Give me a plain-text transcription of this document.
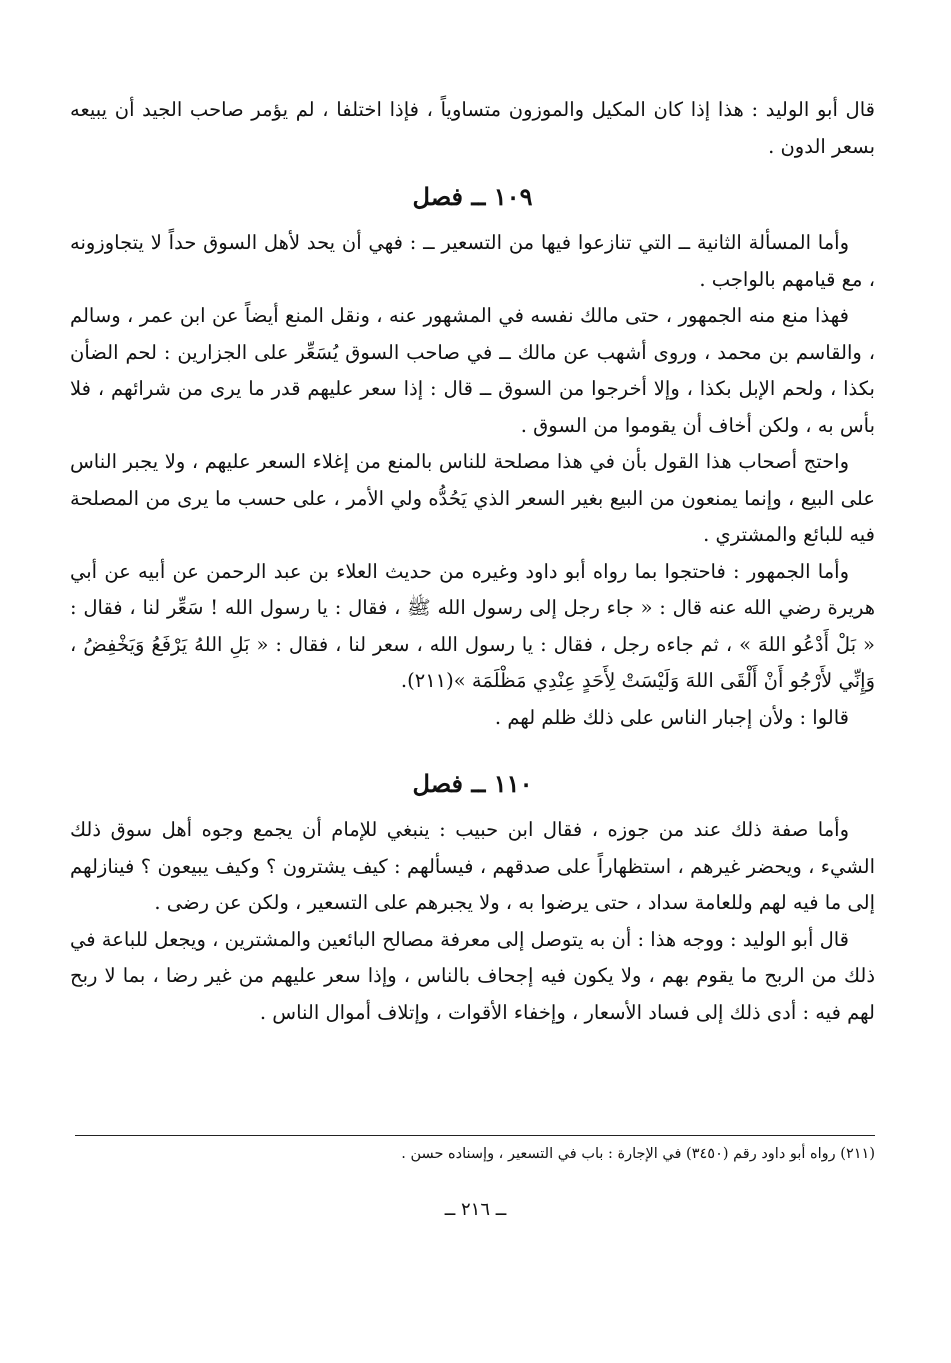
قال أبو الوليد : هذا إذا كان المكيل والموزون متساوياً ، فإذا اختلفا ، لم يؤمر صاحب الجيد أن يبيعه بسعر الدون .

١٠٩ ــ فصل

وأما المسألة الثانية ــ التي تنازعوا فيها من التسعير ــ : فهي أن يحد لأهل السوق حداً لا يتجاوزونه ، مع قيامهم بالواجب .

فهذا منع منه الجمهور ، حتى مالك نفسه في المشهور عنه ، ونقل المنع أيضاً عن ابن عمر ، وسالم ، والقاسم بن محمد ، وروى أشهب عن مالك ــ في صاحب السوق يُسَعِّر على الجزارين : لحم الضأن بكذا ، ولحم الإبل بكذا ، وإلا أخرجوا من السوق ــ قال : إذا سعر عليهم قدر ما يرى من شرائهم ، فلا بأس به ، ولكن أخاف أن يقوموا من السوق .

واحتج أصحاب هذا القول بأن في هذا مصلحة للناس بالمنع من إغلاء السعر عليهم ، ولا يجبر الناس على البيع ، وإنما يمنعون من البيع بغير السعر الذي يَحُدُّه ولي الأمر ، على حسب ما يرى من المصلحة فيه للبائع والمشتري .

وأما الجمهور : فاحتجوا بما رواه أبو داود وغيره من حديث العلاء بن عبد الرحمن عن أبيه عن أبي هريرة رضي الله عنه قال : « جاء رجل إلى رسول الله ﷺ ، فقال : يا رسول الله ! سَعِّر لنا ، فقال : « بَلْ أَدْعُو اللهَ » ، ثم جاءه رجل ، فقال : يا رسول الله ، سعر لنا ، فقال : « بَلِ اللهُ يَرْفَعُ وَيَخْفِضُ ، وَإِنِّي لأَرْجُو أَنْ أَلْقَى اللهَ وَلَيْسَتْ لِأَحَدٍ عِنْدِي مَظْلَمَة »(٢١١).

قالوا : ولأن إجبار الناس على ذلك ظلم لهم .

١١٠ ــ فصل

وأما صفة ذلك عند من جوزه ، فقال ابن حبيب : ينبغي للإمام أن يجمع وجوه أهل سوق ذلك الشيء ، ويحضر غيرهم ، استظهاراً على صدقهم ، فيسألهم : كيف يشترون ؟ وكيف يبيعون ؟ فينازلهم إلى ما فيه لهم وللعامة سداد ، حتى يرضوا به ، ولا يجبرهم على التسعير ، ولكن عن رضى .

قال أبو الوليد : ووجه هذا : أن به يتوصل إلى معرفة مصالح البائعين والمشترين ، ويجعل للباعة في ذلك من الربح ما يقوم بهم ، ولا يكون فيه إجحاف بالناس ، وإذا سعر عليهم من غير رضا ، بما لا ربح لهم فيه : أدى ذلك إلى فساد الأسعار ، وإخفاء الأقوات ، وإتلاف أموال الناس .

(٢١١) رواه أبو داود رقم (٣٤٥٠) في الإجارة : باب في التسعير ، وإسناده حسن .
ــ ٢١٦ ــ
